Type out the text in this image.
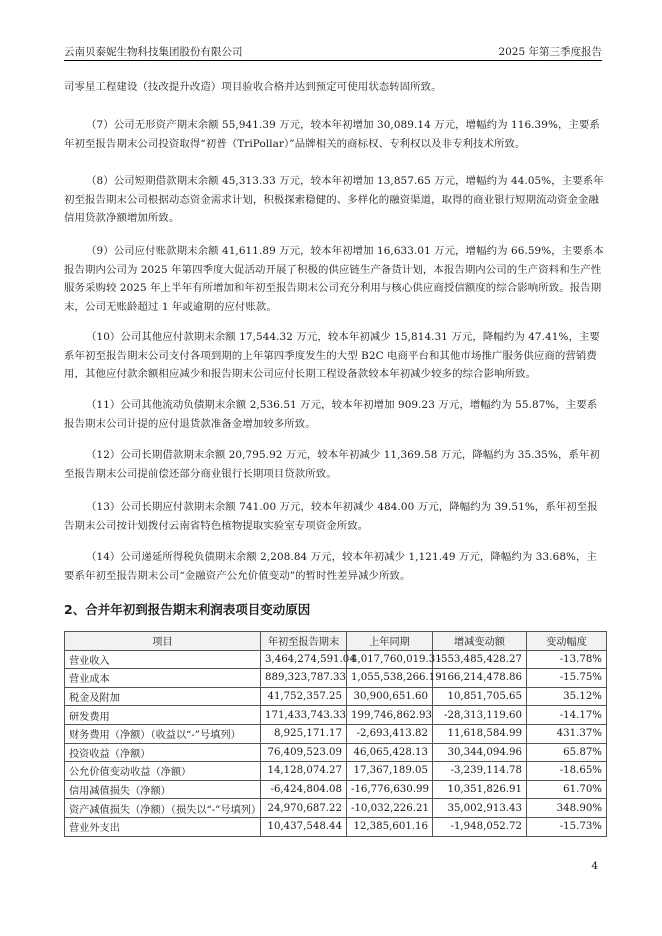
云南贝泰妮生物科技集团股份有限公司	2025 年第三季度报告

司零星工程建设（技改提升改造）项目验收合格并达到预定可使用状态转固所致。

（7）公司无形资产期末余额 55,941.39 万元，较本年初增加 30,089.14 万元，增幅约为 116.39%，主要系年初至报告期末公司投资取得“初普（TriPollar）”品牌相关的商标权、专利权以及非专利技术所致。

（8）公司短期借款期末余额 45,313.33 万元，较本年初增加 13,857.65 万元，增幅约为 44.05%，主要系年初至报告期末公司根据动态资金需求计划，积极探索稳健的、多样化的融资渠道，取得的商业银行短期流动资金金融信用贷款净额增加所致。

（9）公司应付账款期末余额 41,611.89 万元，较本年初增加 16,633.01 万元，增幅约为 66.59%，主要系本报告期内公司为 2025 年第四季度大促活动开展了积极的供应链生产备货计划，本报告期内公司的生产资料和生产性服务采购较 2025 年上半年有所增加和年初至报告期末公司充分利用与核心供应商授信额度的综合影响所致。报告期末，公司无账龄超过 1 年或逾期的应付账款。

（10）公司其他应付款期末余额 17,544.32 万元，较本年初减少 15,814.31 万元，降幅约为 47.41%，主要系年初至报告期末公司支付各项到期的上年第四季度发生的大型 B2C 电商平台和其他市场推广服务供应商的营销费用，其他应付款余额相应减少和报告期末公司应付长期工程设备款较本年初减少较多的综合影响所致。

（11）公司其他流动负债期末余额 2,536.51 万元，较本年初增加 909.23 万元，增幅约为 55.87%，主要系报告期末公司计提的应付退货款准备金增加较多所致。

（12）公司长期借款期末余额 20,795.92 万元，较本年初减少 11,369.58 万元，降幅约为 35.35%，系年初至报告期末公司提前偿还部分商业银行长期项目贷款所致。

（13）公司长期应付款期末余额 741.00 万元，较本年初减少 484.00 万元，降幅约为 39.51%，系年初至报告期末公司按计划拨付云南省特色植物提取实验室专项资金所致。

（14）公司递延所得税负债期末余额 2,208.84 万元，较本年初减少 1,121.49 万元，降幅约为 33.68%，主要系年初至报告期末公司“金融资产公允价值变动”的暂时性差异减少所致。

2、合并年初到报告期末利润表项目变动原因
项目	年初至报告期末	上年同期	增减变动额	变动幅度
营业收入	3,464,274,591.04	4,017,760,019.31	-553,485,428.27	-13.78%
营业成本	889,323,787.33	1,055,538,266.19	-166,214,478.86	-15.75%
税金及附加	41,752,357.25	30,900,651.60	10,851,705.65	35.12%
研发费用	171,433,743.33	199,746,862.93	-28,313,119.60	-14.17%
财务费用（净额）（收益以“-”号填列）	8,925,171.17	-2,693,413.82	11,618,584.99	431.37%
投资收益（净额）	76,409,523.09	46,065,428.13	30,344,094.96	65.87%
公允价值变动收益（净额）	14,128,074.27	17,367,189.05	-3,239,114.78	-18.65%
信用减值损失（净额）	-6,424,804.08	-16,776,630.99	10,351,826.91	61.70%
资产减值损失（净额）（损失以“-”号填列）	24,970,687.22	-10,032,226.21	35,002,913.43	348.90%
营业外支出	10,437,548.44	12,385,601.16	-1,948,052.72	-15.73%
4
